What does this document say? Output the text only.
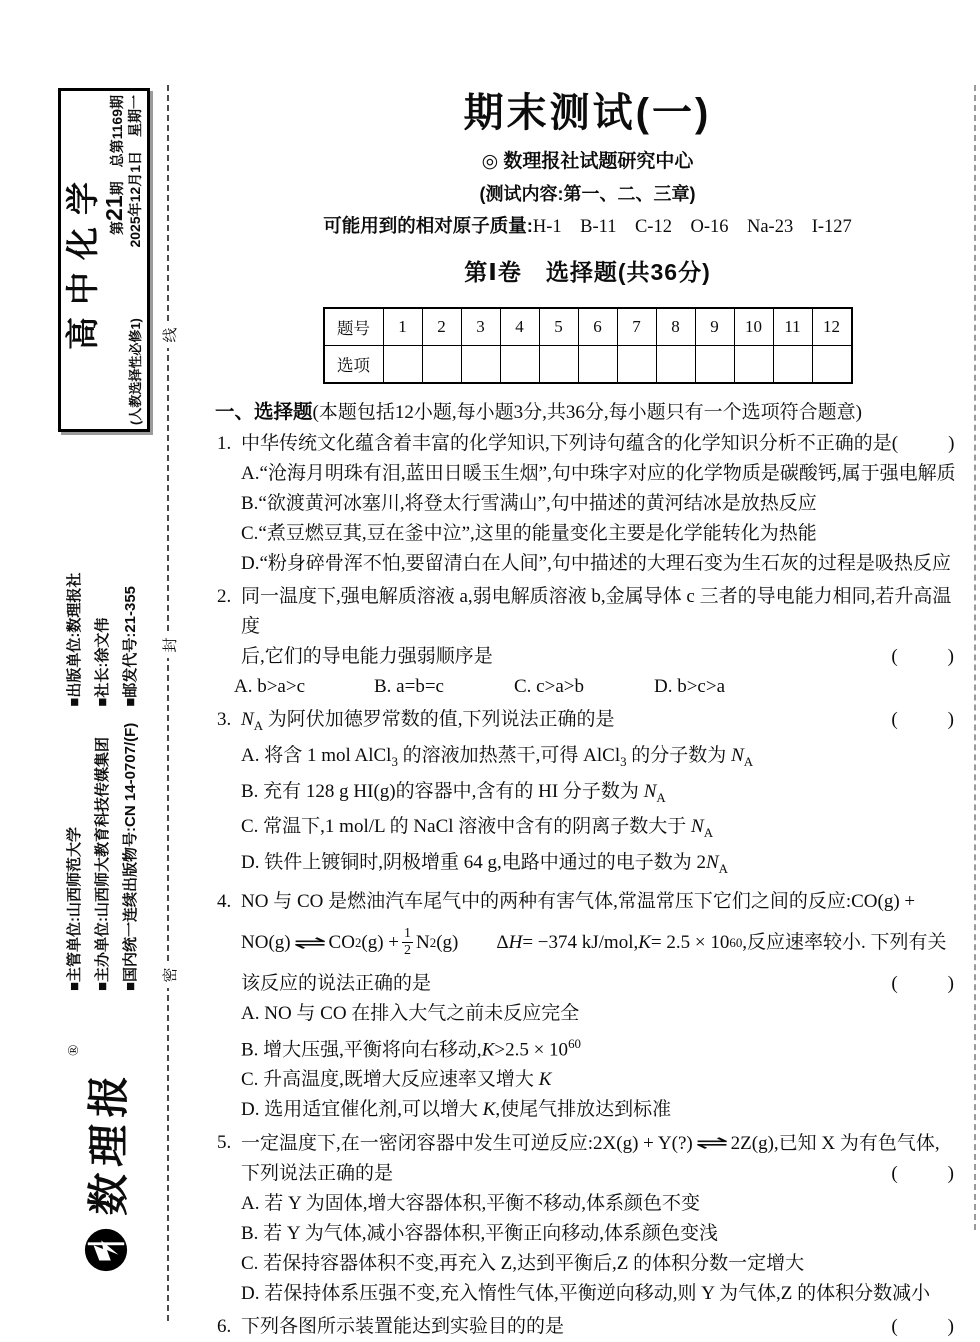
高中化学
(人教选择性必修1)
第21期　总第1169期 2025年12月1日　星期一
■主管单位:山西师范大学 ■主办单位:山西师大教育科技传媒集团 ■国内统一连续出版物号:CN 14-0707/(F)
■出版单位:数理报社 ■社长:徐文伟 ■邮发代号:21-355
数理报
®
线
封
密
期末测试(一)
◎ 数理报社试题研究中心
(测试内容:第一、二、三章)
可能用到的相对原子质量:H-1　B-11　C-12　O-16　Na-23　I-127
第Ⅰ卷　选择题(共36分)
题号	1	2	3	4	5	6	7	8	9	10	11	12
选项												
一、选择题(本题包括12小题,每小题3分,共36分,每小题只有一个选项符合题意)
1. 中华传统文化蕴含着丰富的化学知识,下列诗句蕴含的化学知识分析不正确的是 (　　)
A.“沧海月明珠有泪,蓝田日暖玉生烟”,句中珠字对应的化学物质是碳酸钙,属于强电解质
B.“欲渡黄河冰塞川,将登太行雪满山”,句中描述的黄河结冰是放热反应
C.“煮豆燃豆萁,豆在釜中泣”,这里的能量变化主要是化学能转化为热能
D.“粉身碎骨浑不怕,要留清白在人间”,句中描述的大理石变为生石灰的过程是吸热反应
2. 同一温度下,强电解质溶液 a,弱电解质溶液 b,金属导体 c 三者的导电能力相同,若升高温度
后,它们的导电能力强弱顺序是	(　　)
A. b>a>c	B. a=b=c	C. c>a>b	D. b>c>a
3. $N_A$ 为阿伏加德罗常数的值,下列说法正确的是	(　　)
A. 将含 1 mol AlCl$_3$ 的溶液加热蒸干,可得 AlCl$_3$ 的分子数为 $N_A$
B. 充有 128 g HI(g)的容器中,含有的 HI 分子数为 $N_A$
C. 常温下,1 mol/L 的 NaCl 溶液中含有的阴离子数大于 $N_A$
D. 铁件上镀铜时,阴极增重 64 g,电路中通过的电子数为 $2N_A$
4. NO 与 CO 是燃油汽车尾气中的两种有害气体,常温常压下它们之间的反应:CO(g) +
NO(g) ⇌ CO 2 $(g) + \frac{1}{2}$ N 2 (g)　　Δ H = −374 kJ/mol, K = 2.5 × 10 60 ,反应速率较小. 下列有关
该反应的说法正确的是	(　　)
A. NO 与 CO 在排入大气之前未反应完全
B. 增大压强,平衡将向右移动$,K>2.5 \times 10^{60}$
C. 升高温度,既增大反应速率又增大 K
D. 选用适宜催化剂,可以增大 K,使尾气排放达到标准
5. 一定温度下,在一密闭容器中发生可逆反应:2X(g) + Y(?) ⇌ 2Z(g),已知 X 为有色气体,
下列说法正确的是	(　　)
A. 若 Y 为固体,增大容器体积,平衡不移动,体系颜色不变
B. 若 Y 为气体,减小容器体积,平衡正向移动,体系颜色变浅
C. 若保持容器体积不变,再充入 Z,达到平衡后,Z 的体积分数一定增大
D. 若保持体系压强不变,充入惰性气体,平衡逆向移动,则 Y 为气体,Z 的体积分数减小
6. 下列各图所示装置能达到实验目的的是	(　　)
